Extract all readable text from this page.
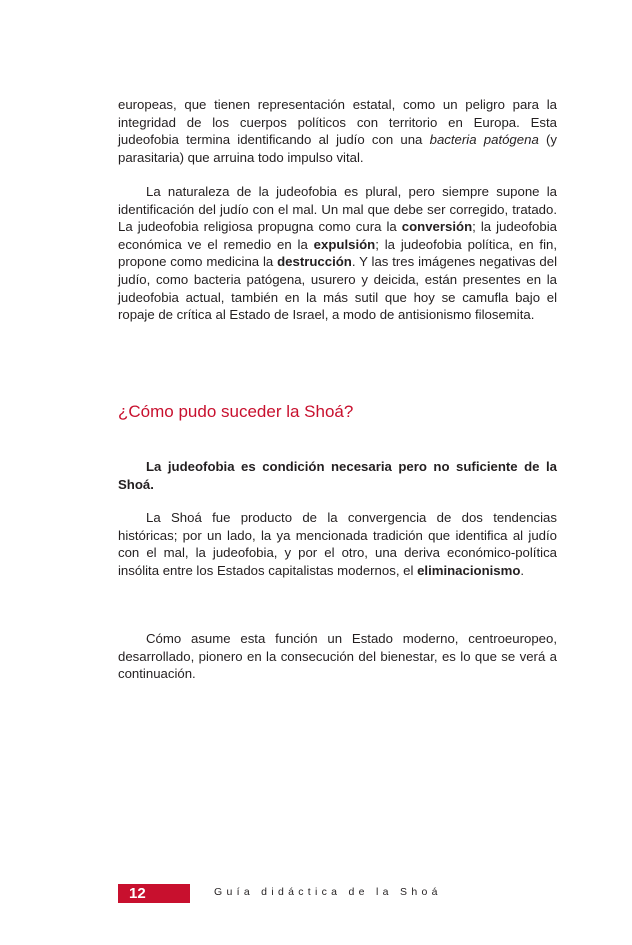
europeas, que tienen representación estatal, como un peligro para la integridad de los cuerpos políticos con territorio en Europa. Esta judeofobia termina identificando al judío con una bacteria patógena (y parasitaria) que arruina todo impulso vital.

La naturaleza de la judeofobia es plural, pero siempre supone la identificación del judío con el mal. Un mal que debe ser corregido, tratado. La judeofobia religiosa propugna como cura la conversión; la judeofobia económica ve el remedio en la expulsión; la judeofobia política, en fin, propone como medicina la destrucción. Y las tres imágenes negativas del judío, como bacteria patógena, usurero y deicida, están presentes en la judeofobia actual, también en la más sutil que hoy se camufla bajo el ropaje de crítica al Estado de Israel, a modo de antisionismo filosemita.

¿Cómo pudo suceder la Shoá?

La judeofobia es condición necesaria pero no suficiente de la Shoá.

La Shoá fue producto de la convergencia de dos tendencias históricas; por un lado, la ya mencionada tradición que identifica al judío con el mal, la judeofobia, y por el otro, una deriva económico-política insólita entre los Estados capitalistas modernos, el eliminacionismo.

Cómo asume esta función un Estado moderno, centroeuropeo, desarrollado, pionero en la consecución del bienestar, es lo que se verá a continuación.

12	Guía didáctica de la Shoá
